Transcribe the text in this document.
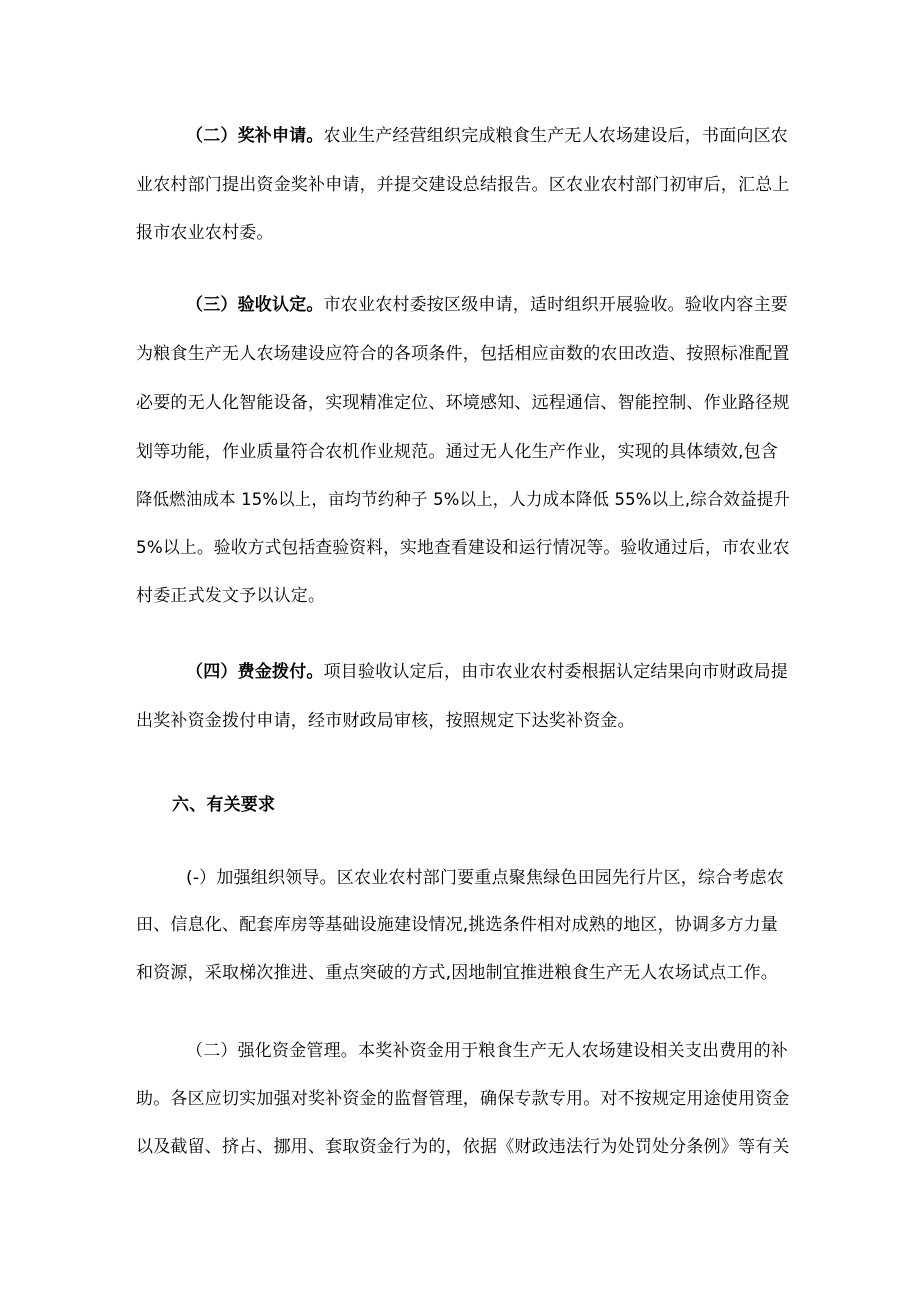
（二）奖补申请。农业生产经营组织完成粮食生产无人农场建设后，书面向区农
业农村部门提出资金奖补申请，并提交建设总结报告。区农业农村部门初审后，汇总上
报市农业农村委。
（三）验收认定。市农业农村委按区级申请，适时组织开展验收。验收内容主要
为粮食生产无人农场建设应符合的各项条件，包括相应亩数的农田改造、按照标准配置
必要的无人化智能设备，实现精准定位、环境感知、远程通信、智能控制、作业路径规
划等功能，作业质量符合农机作业规范。通过无人化生产作业，实现的具体绩效,包含
降低燃油成本 15%以上，亩均节约种子 5%以上，人力成本降低 55%以上,综合效益提升
5%以上。验收方式包括查验资料，实地查看建设和运行情况等。验收通过后，市农业农
村委正式发文予以认定。
（四）费金拨付。项目验收认定后，由市农业农村委根据认定结果向市财政局提
出奖补资金拨付申请，经市财政局审核，按照规定下达奖补资金。
六、有关要求
(-）加强组织领导。区农业农村部门要重点聚焦绿色田园先行片区，综合考虑农
田、信息化、配套库房等基础设施建设情况,挑选条件相对成熟的地区，协调多方力量
和资源，采取梯次推进、重点突破的方式,因地制宜推进粮食生产无人农场试点工作。
（二）强化资金管理。本奖补资金用于粮食生产无人农场建设相关支出费用的补
助。各区应切实加强对奖补资金的监督管理，确保专款专用。对不按规定用途使用资金
以及截留、挤占、挪用、套取资金行为的，依据《财政违法行为处罚处分条例》等有关
